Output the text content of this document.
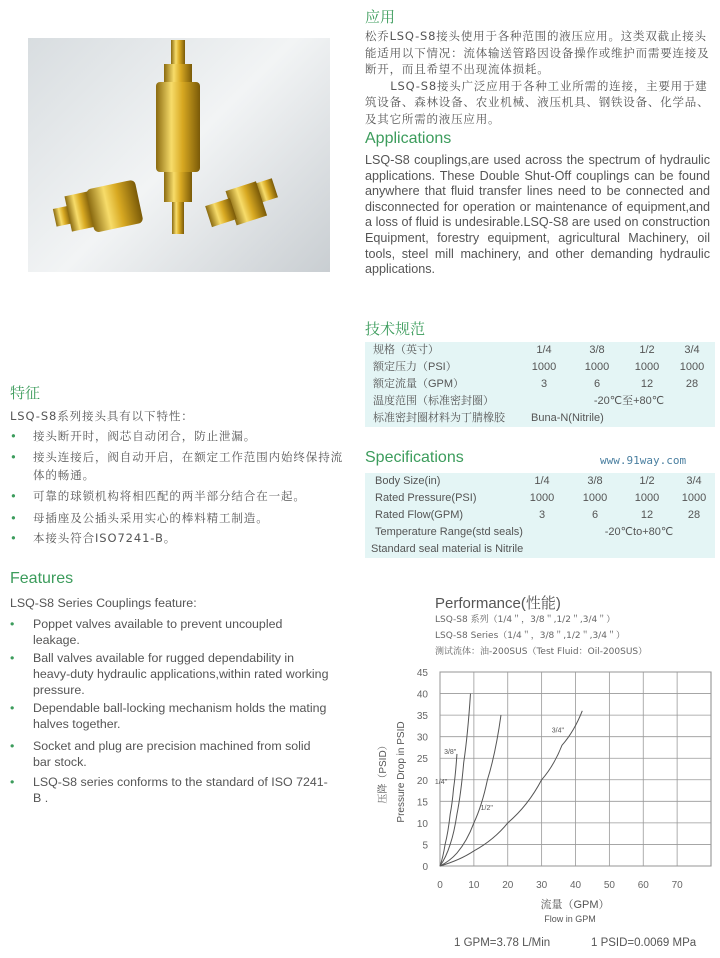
应用

松乔LSQ-S8接头使用于各种范围的液压应用。这类双截止接头能适用以下情况：流体输送管路因设备操作或维护而需要连接及断开，而且希望不出现流体损耗。

LSQ-S8接头广泛应用于各种工业所需的连接，主要用于建筑设备、森林设备、农业机械、液压机具、钢铁设备、化学品、及其它所需的液压应用。

Applications
LSQ-S8 couplings,are used across the spectrum of hydraulic applications. These Double Shut-Off couplings can be found anywhere that fluid transfer lines need to be connected and disconnected for operation or maintenance of equipment,and a loss of fluid is undesirable.LSQ-S8 are used on construction Equipment, forestry equipment, agricultural Machinery, oil tools, steel mill machinery, and other demanding hydraulic applications.
技术规范
规格（英寸）	1/4	3/8	1/2	3/4
额定压力（PSI）	1000	1000	1000	1000
额定流量（GPM）	3	6	12	28
温度范围（标准密封圈）	-20℃至+80℃
标准密封圈材料为丁腈橡胶 Buna-N(Nitrile)
Specifications
Body Size(in)	1/4	3/8	1/2	3/4
Rated Pressure(PSI)	1000	1000	1000	1000
Rated Flow(GPM)	3	6	12	28
Temperature Range(std seals)	-20℃to+80℃
Standard seal material is Nitrile
www.91way.com
特征
LSQ-S8系列接头具有以下特性：
• 接头断开时，阀芯自动闭合，防止泄漏。
• 接头连接后，阀自动开启，在额定工作范围内始终保持流体的畅通。
• 可靠的球锁机构将相匹配的两半部分结合在一起。
• 母插座及公插头采用实心的棒料精工制造。
• 本接头符合ISO7241-B。
Features
LSQ-S8 Series Couplings feature:
• Poppet valves available to prevent uncoupled leakage.
• Ball valves available for rugged dependability in heavy-duty hydraulic applications,within rated working pressure.
• Dependable ball-locking mechanism holds the mating halves together.
• Socket and plug are precision machined from solid bar stock.
• LSQ-S8 series conforms to the standard of ISO 7241-B .
Performance(性能)
LSQ-S8 系列（1/4＂，3/8＂,1/2＂,3/4＂）
LSQ-S8 Series（1/4＂，3/8＂,1/2＂,3/4＂）
测试流体：油-200SUS（Test Fluid：Oil-200SUS）
0	10 20 30 40 50 60 70
0
5
10
15
20
25
30
35
40
45
1/4"
3/8"
1/2"
3/4"
流量（GPM）
Flow in GPM
压降（PSID） Pressure Drop in PSID
1 GPM=3.78 L/Min	1 PSID=0.0069 MPa
